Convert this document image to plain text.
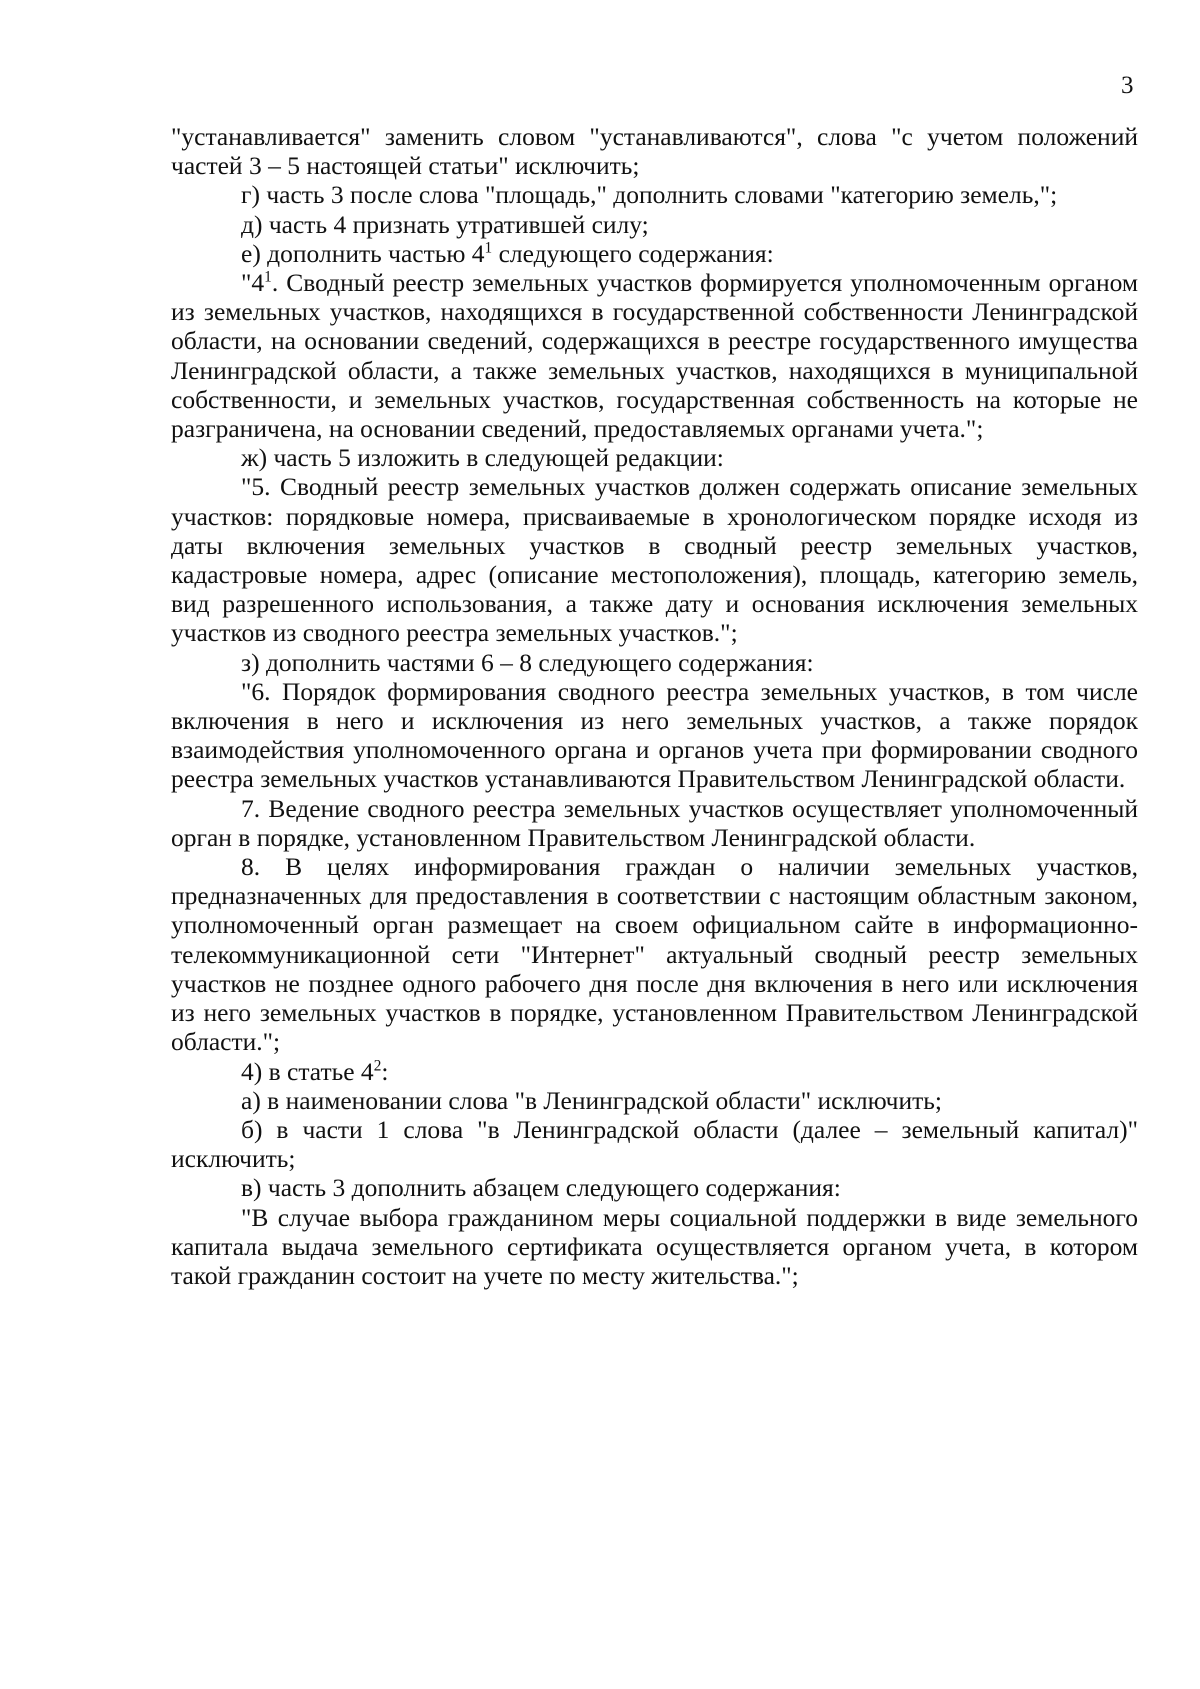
3

"устанавливается" заменить словом "устанавливаются", слова "с учетом положений частей 3 – 5 настоящей статьи" исключить;

г) часть 3 после слова "площадь," дополнить словами "категорию земель,";

д) часть 4 признать утратившей силу;

е) дополнить частью $4^1$ следующего содержания:

"$4^1$. Сводный реестр земельных участков формируется уполномоченным органом из земельных участков, находящихся в государственной собственности Ленинградской области, на основании сведений, содержащихся в реестре государственного имущества Ленинградской области, а также земельных участков, находящихся в муниципальной собственности, и земельных участков, государственная собственность на которые не разграничена, на основании сведений, предоставляемых органами учета.";

ж) часть 5 изложить в следующей редакции:

"5. Сводный реестр земельных участков должен содержать описание земельных участков: порядковые номера, присваиваемые в хронологическом порядке исходя из даты включения земельных участков в сводный реестр земельных участков, кадастровые номера, адрес (описание местоположения), площадь, категорию земель, вид разрешенного использования, а также дату и основания исключения земельных участков из сводного реестра земельных участков.";

з) дополнить частями 6 – 8 следующего содержания:

"6. Порядок формирования сводного реестра земельных участков, в том числе включения в него и исключения из него земельных участков, а также порядок взаимодействия уполномоченного органа и органов учета при формировании сводного реестра земельных участков устанавливаются Правительством Ленинградской области.

7. Ведение сводного реестра земельных участков осуществляет уполномоченный орган в порядке, установленном Правительством Ленинградской области.

8. В целях информирования граждан о наличии земельных участков, предназначенных для предоставления в соответствии с настоящим областным законом, уполномоченный орган размещает на своем официальном сайте в информационно-телекоммуникационной сети "Интернет" актуальный сводный реестр земельных участков не позднее одного рабочего дня после дня включения в него или исключения из него земельных участков в порядке, установленном Правительством Ленинградской области.";

4) в статье $4^2$:

а) в наименовании слова "в Ленинградской области" исключить;

б) в части 1 слова "в Ленинградской области (далее – земельный капитал)" исключить;

в) часть 3 дополнить абзацем следующего содержания:

"В случае выбора гражданином меры социальной поддержки в виде земельного капитала выдача земельного сертификата осуществляется органом учета, в котором такой гражданин состоит на учете по месту жительства.";
